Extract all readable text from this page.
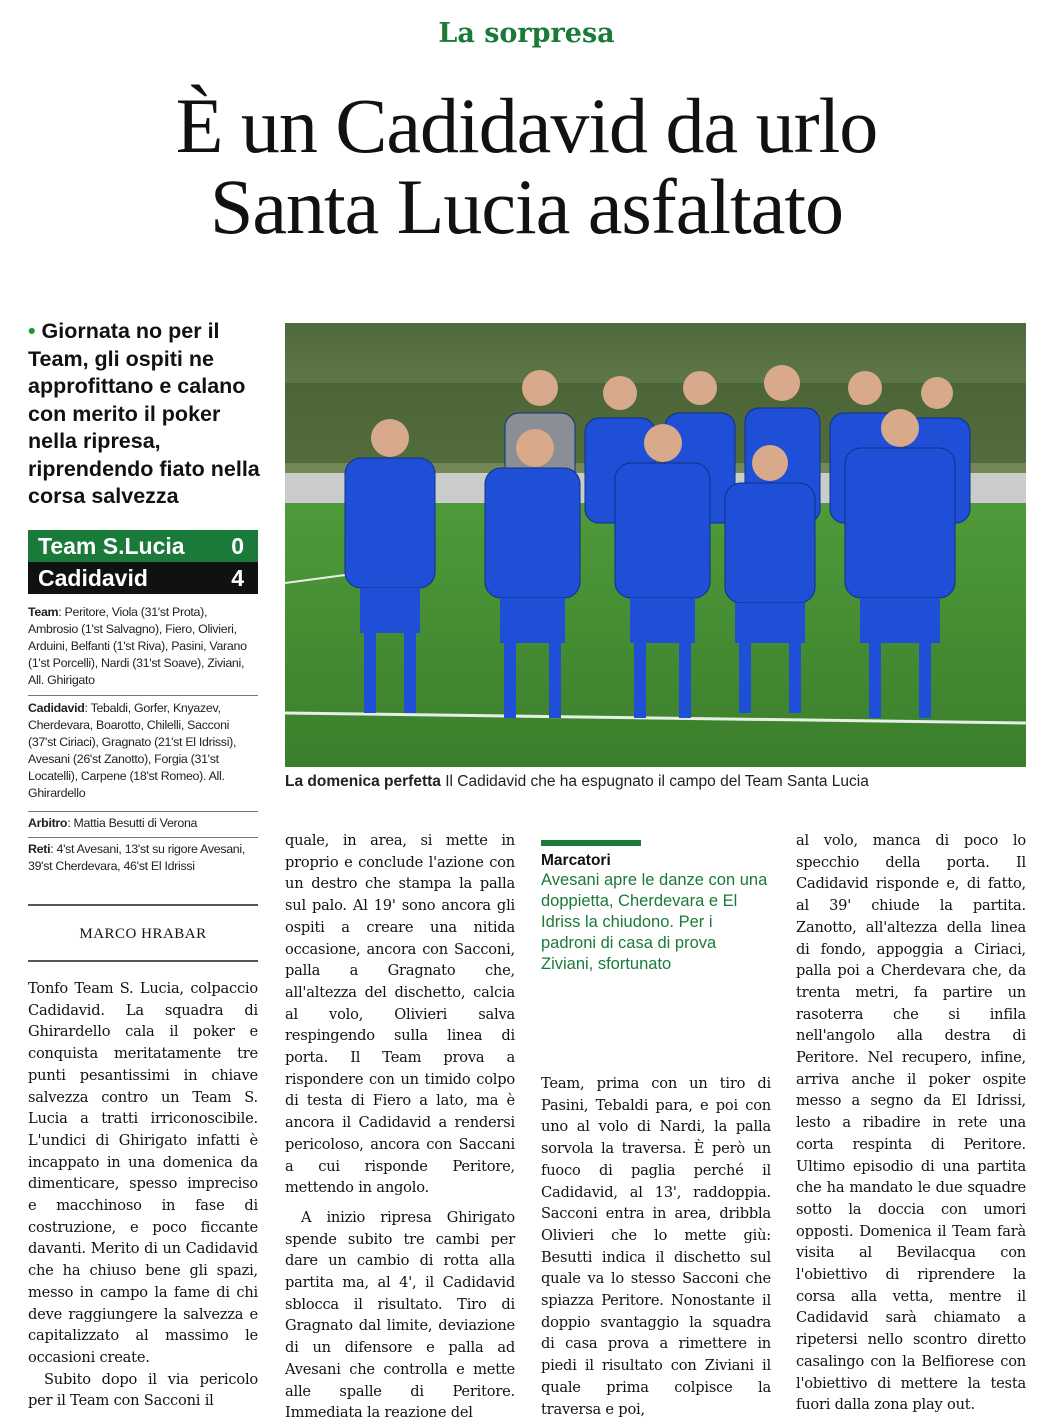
La sorpresa
È un Cadidavid da urlo
Santa Lucia asfaltato
• Giornata no per il Team, gli ospiti ne approfittano e calano con merito il poker nella ripresa, riprendendo fiato nella corsa salvezza
Team S.Lucia 0
Cadidavid	4
Team: Peritore, Viola (31'st Prota), Ambrosio (1'st Salvagno), Fiero, Olivieri, Arduini, Belfanti (1'st Riva), Pasini, Varano (1'st Porcelli), Nardi (31'st Soave), Ziviani, All. Ghirigato
Cadidavid: Tebaldi, Gorfer, Knyazev, Cherdevara, Boarotto, Chilelli, Sacconi (37'st Ciriaci), Gragnato (21'st El Idrissi), Avesani (26'st Zanotto), Forgia (31'st Locatelli), Carpene (18'st Romeo). All. Ghirardello
Arbitro: Mattia Besutti di Verona
Reti: 4'st Avesani, 13'st su rigore Avesani, 39'st Cherdevara, 46'st El Idrissi
MARCO HRABAR
La domenica perfetta Il Cadidavid che ha espugnato il campo del Team Santa Lucia

Tonfo Team S. Lucia, colpaccio Cadidavid. La squadra di Ghirardello cala il poker e conquista meritatamente tre punti pesantissimi in chiave salvezza contro un Team S. Lucia a tratti irriconoscibile. L'undici di Ghirigato infatti è incappato in una domenica da dimenticare, spesso impreciso e macchinoso in fase di costruzione, e poco ficcante davanti. Merito di un Cadidavid che ha chiuso bene gli spazi, messo in campo la fame di chi deve raggiungere la salvezza e capitalizzato al massimo le occasioni create.

Subito dopo il via pericolo per il Team con Sacconi il

quale, in area, si mette in proprio e conclude l'azione con un destro che stampa la palla sul palo. Al 19' sono ancora gli ospiti a creare una nitida occasione, ancora con Sacconi, palla a Gragnato che, all'altezza del dischetto, calcia al volo, Olivieri salva respingendo sulla linea di porta. Il Team prova a rispondere con un timido colpo di testa di Fiero a lato, ma è ancora il Cadidavid a rendersi pericoloso, ancora con Saccani a cui risponde Peritore, mettendo in angolo.

A inizio ripresa Ghirigato spende subito tre cambi per dare un cambio di rotta alla partita ma, al 4', il Cadidavid sblocca il risultato. Tiro di Gragnato dal limite, deviazione di un difensore e palla ad Avesani che controlla e mette alle spalle di Peritore. Immediata la reazione del

Marcatori
Avesani apre le danze con una doppietta, Cherdevara e El Idriss la chiudono. Per i padroni di casa di prova Ziviani, sfortunato

Team, prima con un tiro di Pasini, Tebaldi para, e poi con uno al volo di Nardi, la palla sorvola la traversa. È però un fuoco di paglia perché il Cadidavid, al 13', raddoppia. Sacconi entra in area, dribbla Olivieri che lo mette giù: Besutti indica il dischetto sul quale va lo stesso Sacconi che spiazza Peritore. Nonostante il doppio svantaggio la squadra di casa prova a rimettere in piedi il risultato con Ziviani il quale prima colpisce la traversa e poi,

al volo, manca di poco lo specchio della porta. Il Cadidavid risponde e, di fatto, al 39' chiude la partita. Zanotto, all'altezza della linea di fondo, appoggia a Ciriaci, palla poi a Cherdevara che, da trenta metri, fa partire un rasoterra che si infila nell'angolo alla destra di Peritore. Nel recupero, infine, arriva anche il poker ospite messo a segno da El Idrissi, lesto a ribadire in rete una corta respinta di Peritore. Ultimo episodio di una partita che ha mandato le due squadre sotto la doccia con umori opposti. Domenica il Team farà visita al Bevilacqua con l'obiettivo di riprendere la corsa alla vetta, mentre il Cadidavid sarà chiamato a ripetersi nello scontro diretto casalingo con la Belfiorese con l'obiettivo di mettere la testa fuori dalla zona play out.
